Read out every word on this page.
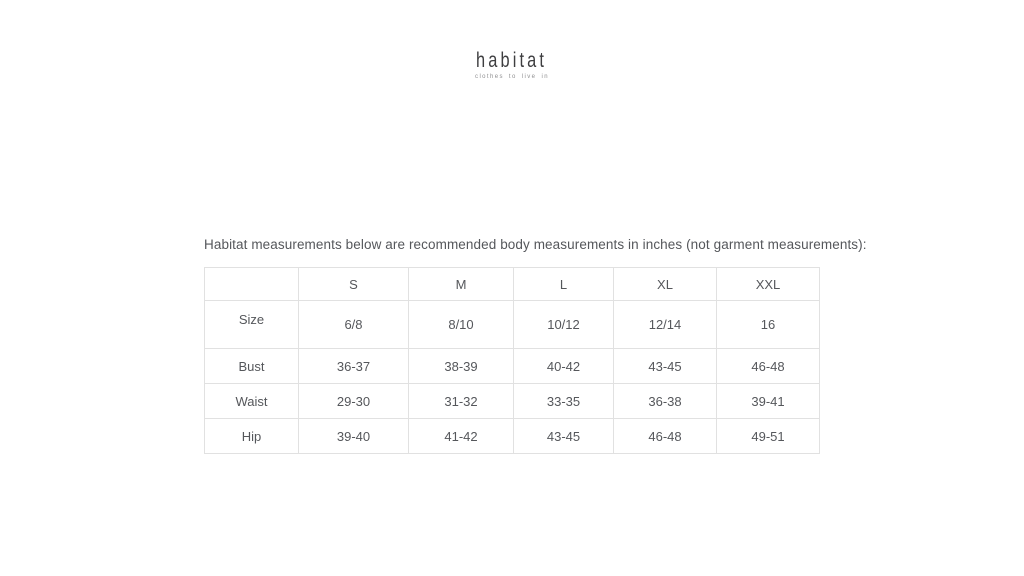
habitat
clothes to live in
Habitat measurements below are recommended body measurements in inches (not garment measurements):
	S	M	L	XL	XXL
Size	6/8	8/10	10/12	12/14	16
Bust	36-37	38-39	40-42	43-45	46-48
Waist	29-30	31-32	33-35	36-38	39-41
Hip	39-40	41-42	43-45	46-48	49-51
